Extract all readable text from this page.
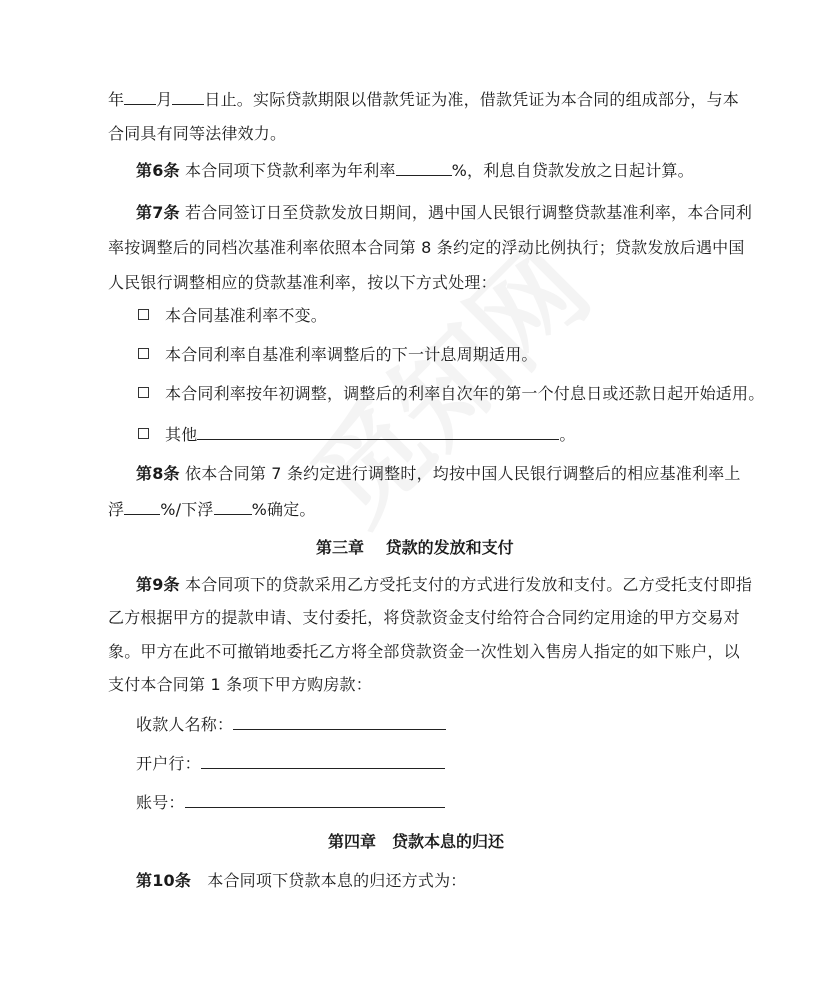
年 月 日止。实际贷款期限以借款凭证为准，借款凭证为本合同的组成部分，与本
合同具有同等法律效力。
第6条 本合同项下贷款利率为年利率	%，利息自贷款发放之日起计算。
第7条 若合同签订日至贷款发放日期间，遇中国人民银行调整贷款基准利率，本合同利
率按调整后的同档次基准利率依照本合同第 8 条约定的浮动比例执行；贷款发放后遇中国
人民银行调整相应的贷款基准利率，按以下方式处理：
本合同基准利率不变。
本合同利率自基准利率调整后的下一计息周期适用。
本合同利率按年初调整，调整后的利率自次年的第一个付息日或还款日起开始适用。
其他	。
第8条 依本合同第 7 条约定进行调整时，均按中国人民银行调整后的相应基准利率上
浮 %/下浮 %确定。
第三章　 贷款的发放和支付
第9条 本合同项下的贷款采用乙方受托支付的方式进行发放和支付。乙方受托支付即指
乙方根据甲方的提款申请、支付委托，将贷款资金支付给符合合同约定用途的甲方交易对
象。甲方在此不可撤销地委托乙方将全部贷款资金一次性划入售房人指定的如下账户，以
支付本合同第 1 条项下甲方购房款：
收款人名称：
开户行：
账号：
第四章　贷款本息的归还
第10条　本合同项下贷款本息的归还方式为：
